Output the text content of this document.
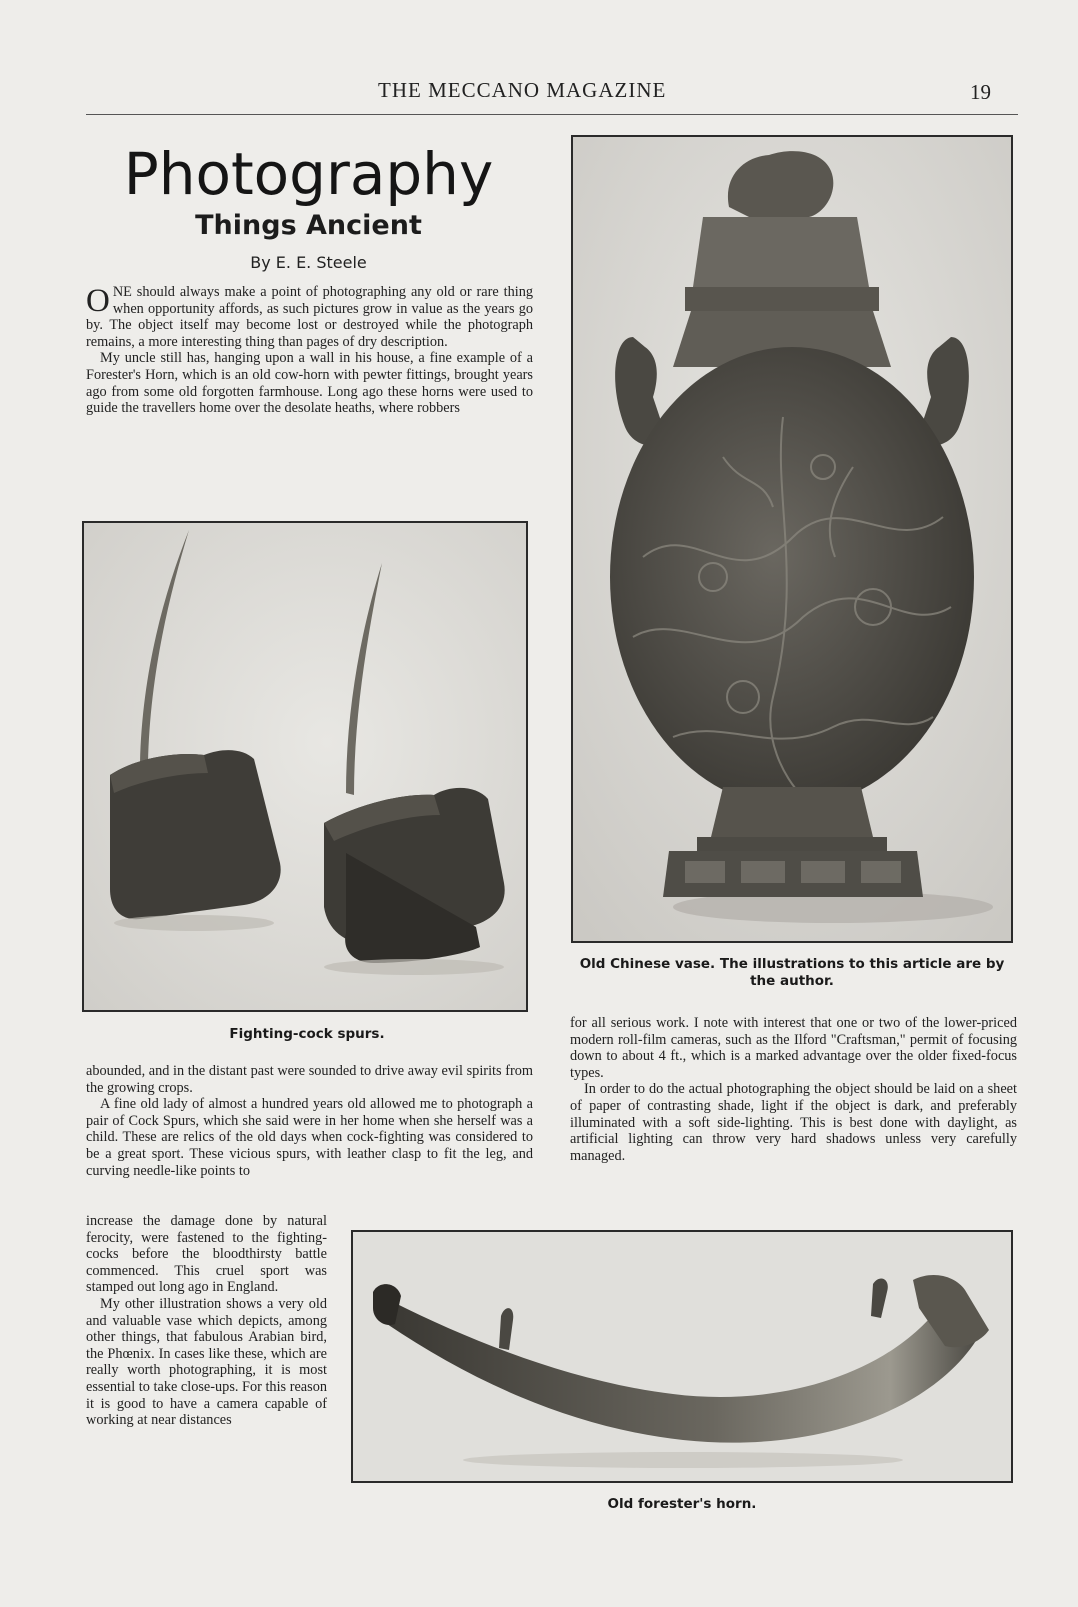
THE MECCANO MAGAZINE	19
Photography
Things Ancient
By E. E. Steele

ONE should always make a point of photographing any old or rare thing when opportunity affords, as such pictures grow in value as the years go by. The object itself may become lost or destroyed while the photograph remains, a more interesting thing than pages of dry description.

My uncle still has, hanging upon a wall in his house, a fine example of a Forester's Horn, which is an old cow-horn with pewter fittings, brought years ago from some old forgotten farmhouse. Long ago these horns were used to guide the travellers home over the desolate heaths, where robbers

Fighting-cock spurs.

abounded, and in the distant past were sounded to drive away evil spirits from the growing crops.

A fine old lady of almost a hundred years old allowed me to photograph a pair of Cock Spurs, which she said were in her home when she herself was a child. These are relics of the old days when cock-fighting was considered to be a great sport. These vicious spurs, with leather clasp to fit the leg, and curving needle-like points to

increase the damage done by natural ferocity, were fastened to the fighting-cocks before the bloodthirsty battle commenced. This cruel sport was stamped out long ago in England.

My other illustration shows a very old and valuable vase which depicts, among other things, that fabulous Arabian bird, the Phœnix. In cases like these, which are really worth photographing, it is most essential to take close-ups. For this reason it is good to have a camera capable of working at near distances

Old Chinese vase. The illustrations to this article are by the author.

for all serious work. I note with interest that one or two of the lower-priced modern roll-film cameras, such as the Ilford "Craftsman," permit of focusing down to about 4 ft., which is a marked advantage over the older fixed-focus types.

In order to do the actual photographing the object should be laid on a sheet of paper of contrasting shade, light if the object is dark, and preferably illuminated with a soft side-lighting. This is best done with daylight, as artificial lighting can throw very hard shadows unless very carefully managed.

Old forester's horn.
